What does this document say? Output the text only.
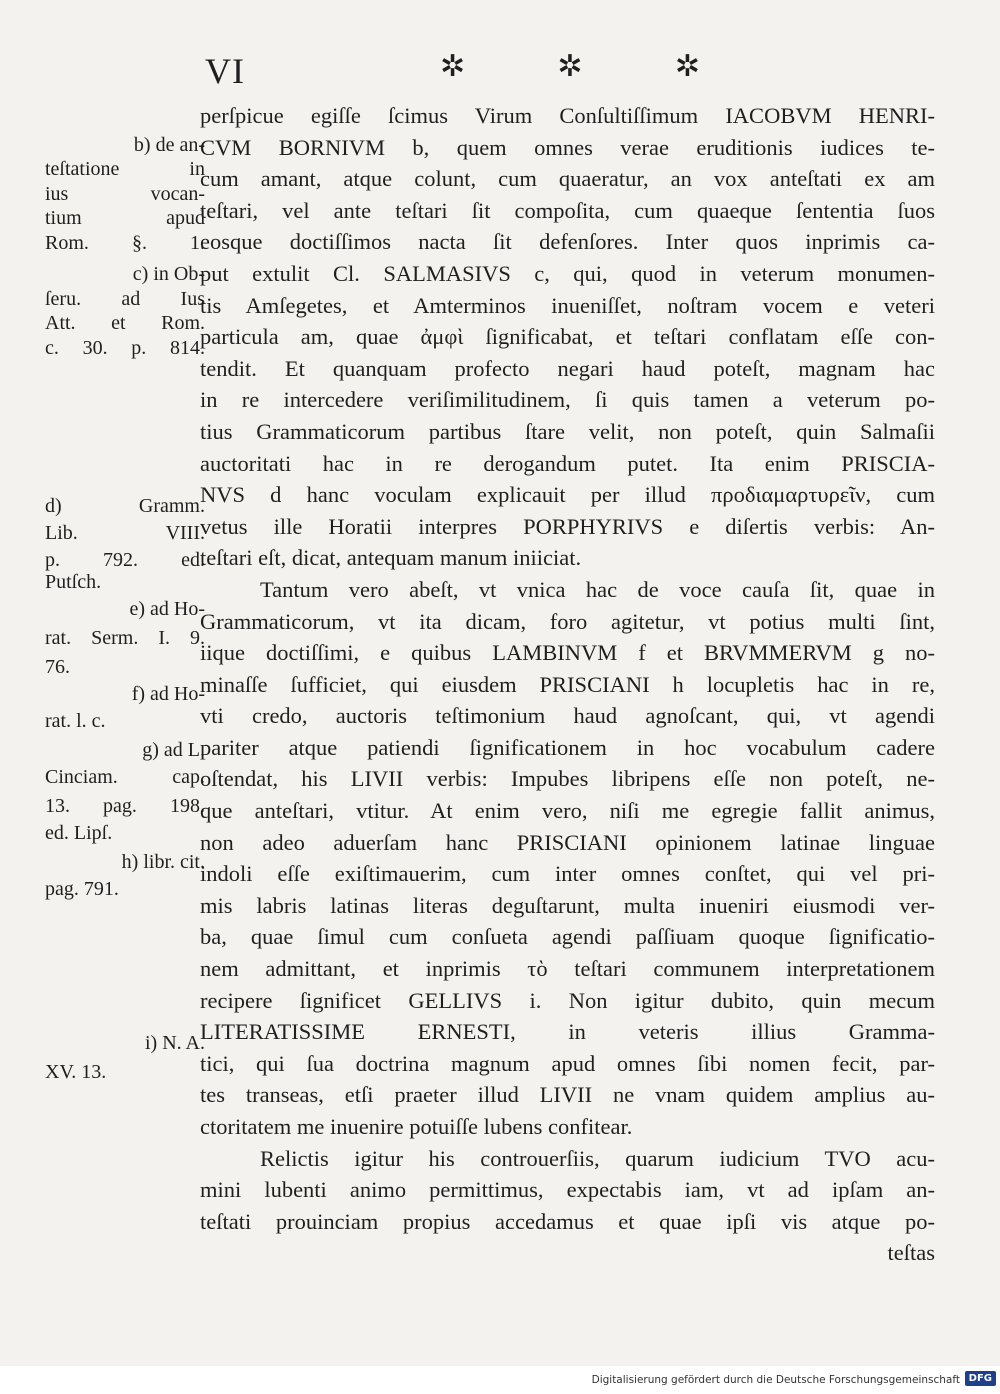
VI	✲	✲	✲
perſpicue egiſſe ſcimus Virum Conſultiſſimum IACOBVM HENRI-
CVM BORNIVM b, quem omnes verae eruditionis iudices te-
cum amant, atque colunt, cum quaeratur, an vox anteſtati ex am
teſtari, vel ante teſtari ſit compoſita, cum quaeque ſententia ſuos
eosque doctiſſimos nacta ſit defenſores. Inter quos inprimis ca-
put extulit Cl. SALMASIVS c, qui, quod in veterum monumen-
tis Amſegetes, et Amterminos inueniſſet, noſtram vocem e veteri
particula am, quae ἀμφὶ ſignificabat, et teſtari conflatam eſſe con-
tendit. Et quanquam profecto negari haud poteſt, magnam hac
in re intercedere veriſimilitudinem, ſi quis tamen a veterum po-
tius Grammaticorum partibus ſtare velit, non poteſt, quin Salmaſii
auctoritati hac in re derogandum putet. Ita enim PRISCIA-
NVS d hanc voculam explicauit per illud προδιαμαρτυρεῖν, cum
vetus ille Horatii interpres PORPHYRIVS e diſertis verbis: An-
teſtari eſt, dicat, antequam manum iniiciat.
Tantum vero abeſt, vt vnica hac de voce cauſa ſit, quae in
Grammaticorum, vt ita dicam, foro agitetur, vt potius multi ſint,
iique doctiſſimi, e quibus LAMBINVM f et BRVMMERVM g no-
minaſſe ſufficiet, qui eiusdem PRISCIANI h locupletis hac in re,
vti credo, auctoris teſtimonium haud agnoſcant, qui, vt agendi
pariter atque patiendi ſignificationem in hoc vocabulum cadere
oſtendat, his LIVII verbis: Impubes libripens eſſe non poteſt, ne-
que anteſtari, vtitur. At enim vero, niſi me egregie fallit animus,
non adeo aduerſam hanc PRISCIANI opinionem latinae linguae
indoli eſſe exiſtimauerim, cum inter omnes conſtet, qui vel pri-
mis labris latinas literas deguſtarunt, multa inueniri eiusmodi ver-
ba, quae ſimul cum conſueta agendi paſſiuam quoque ſignificatio-
nem admittant, et inprimis τὸ teſtari communem interpretationem
recipere ſignificet GELLIVS i. Non igitur dubito, quin mecum
LITERATISSIME ERNESTI, in veteris illius Gramma-
tici, qui ſua doctrina magnum apud omnes ſibi nomen fecit, par-
tes transeas, etſi praeter illud LIVII ne vnam quidem amplius au-
ctoritatem me inuenire potuiſſe lubens confitear.
Relictis igitur his controuerſiis, quarum iudicium TVO acu-
mini lubenti animo permittimus, expectabis iam, vt ad ipſam an-
teſtati prouinciam propius accedamus et quae ipſi vis atque po-
teſtas
b) de an-
teſtatione in
ius vocan-
tium apud
Rom. §. 1.
c) in Ob-
ſeru. ad Ius
Att. et Rom.
c. 30. p. 814.
d) Gramm.
Lib. VIII.
p. 792. ed.
Putſch.
e) ad Ho-
rat. Serm. I. 9.
76.
f) ad Ho-
rat. l. c.
g) ad L.
Cinciam. cap.
13. pag. 198.
ed. Lipſ.
h) libr. cit.
pag. 791.
i) N. A.
XV. 13.
Digitalisierung gefördert durch die Deutsche Forschungsgemeinschaft DFG
